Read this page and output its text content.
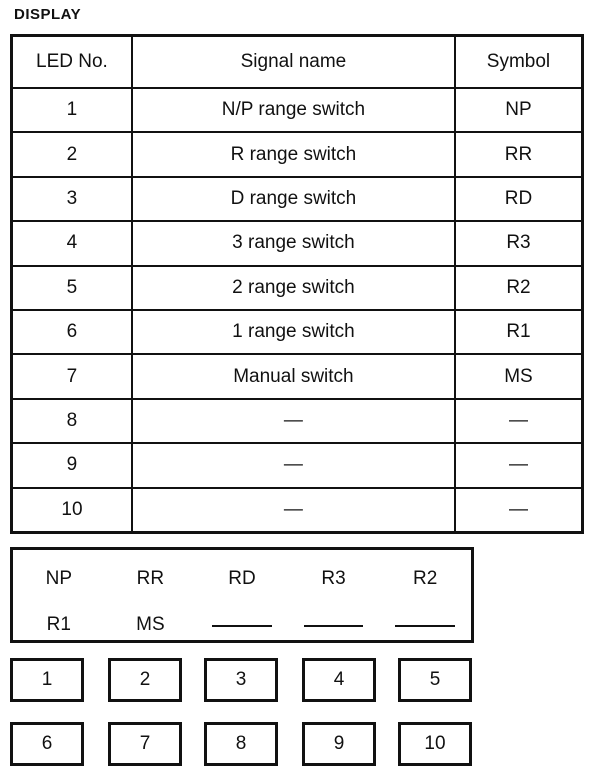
DISPLAY
LED No.	Signal name	Symbol
1	N/P range switch	NP
2	R range switch	RR
3	D range switch	RD
4	3 range switch	R3
5	2 range switch	R2
6	1 range switch	R1
7	Manual switch	MS
8	—	—
9	—	—
10	—	—
NP	RR	RD	R3	R2
R1	MS
1	2	3	4	5
6	7	8	9	10
